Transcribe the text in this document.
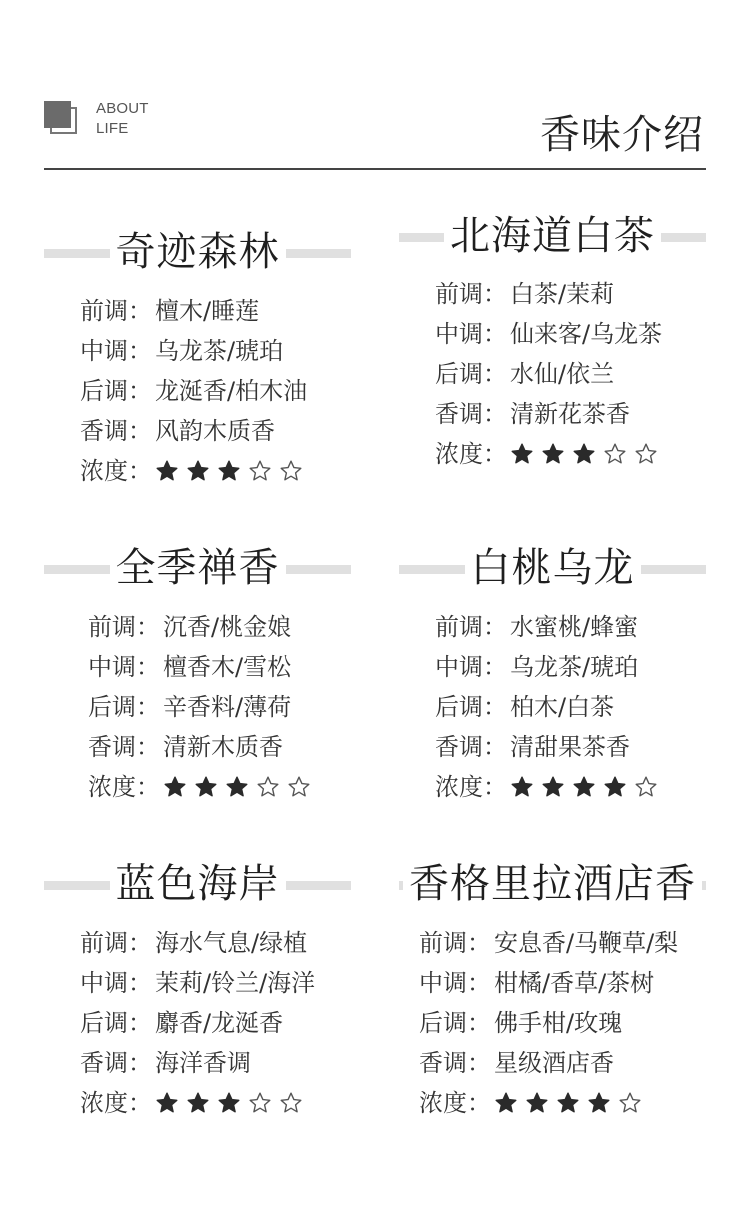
ABOUT
LIFE	香味介绍
奇迹森林
前调： 檀木/睡莲
中调： 乌龙茶/琥珀
后调： 龙涎香/柏木油
香调： 风韵木质香
浓度：
北海道白茶
前调： 白茶/茉莉
中调： 仙来客/乌龙茶
后调： 水仙/依兰
香调： 清新花茶香
浓度：
全季禅香
前调： 沉香/桃金娘
中调： 檀香木/雪松
后调： 辛香料/薄荷
香调： 清新木质香
浓度：
白桃乌龙
前调： 水蜜桃/蜂蜜
中调： 乌龙茶/琥珀
后调： 柏木/白茶
香调： 清甜果茶香
浓度：
蓝色海岸
前调： 海水气息/绿植
中调： 茉莉/铃兰/海洋
后调： 麝香/龙涎香
香调： 海洋香调
浓度：
香格里拉酒店香
前调： 安息香/马鞭草/梨
中调： 柑橘/香草/茶树
后调： 佛手柑/玫瑰
香调： 星级酒店香
浓度：
